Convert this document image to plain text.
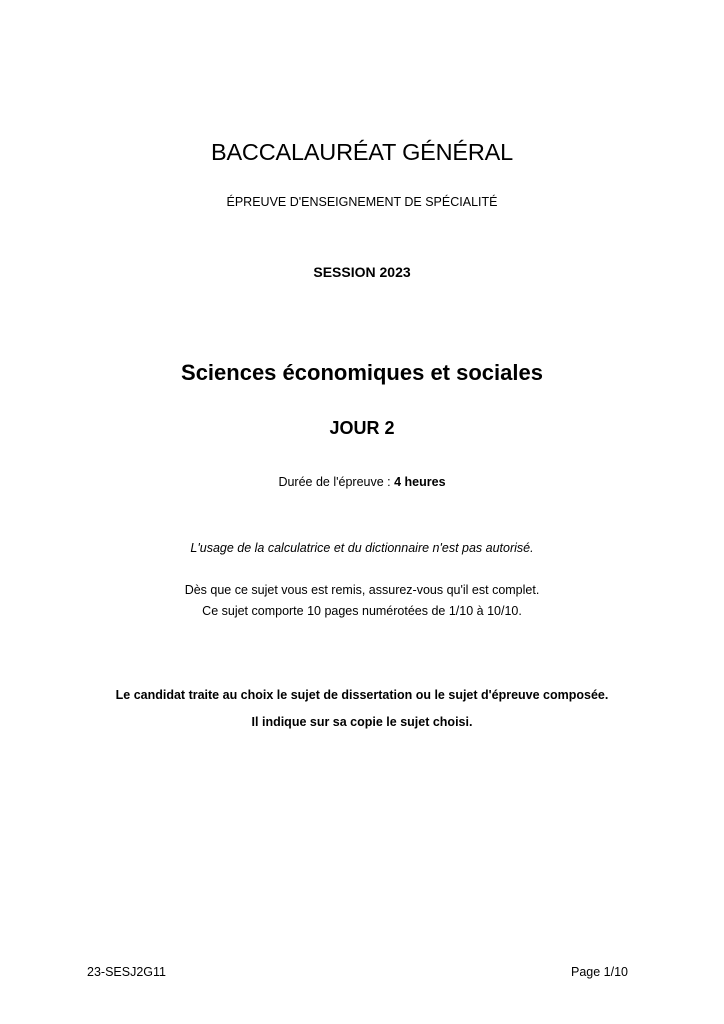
BACCALAURÉAT GÉNÉRAL
ÉPREUVE D'ENSEIGNEMENT DE SPÉCIALITÉ
SESSION 2023
Sciences économiques et sociales
JOUR 2
Durée de l'épreuve : 4 heures
L'usage de la calculatrice et du dictionnaire n'est pas autorisé.
Dès que ce sujet vous est remis, assurez-vous qu'il est complet.
Ce sujet comporte 10 pages numérotées de 1/10 à 10/10.
Le candidat traite au choix le sujet de dissertation ou le sujet d'épreuve composée.
Il indique sur sa copie le sujet choisi.
23-SESJ2G11	Page 1/10
